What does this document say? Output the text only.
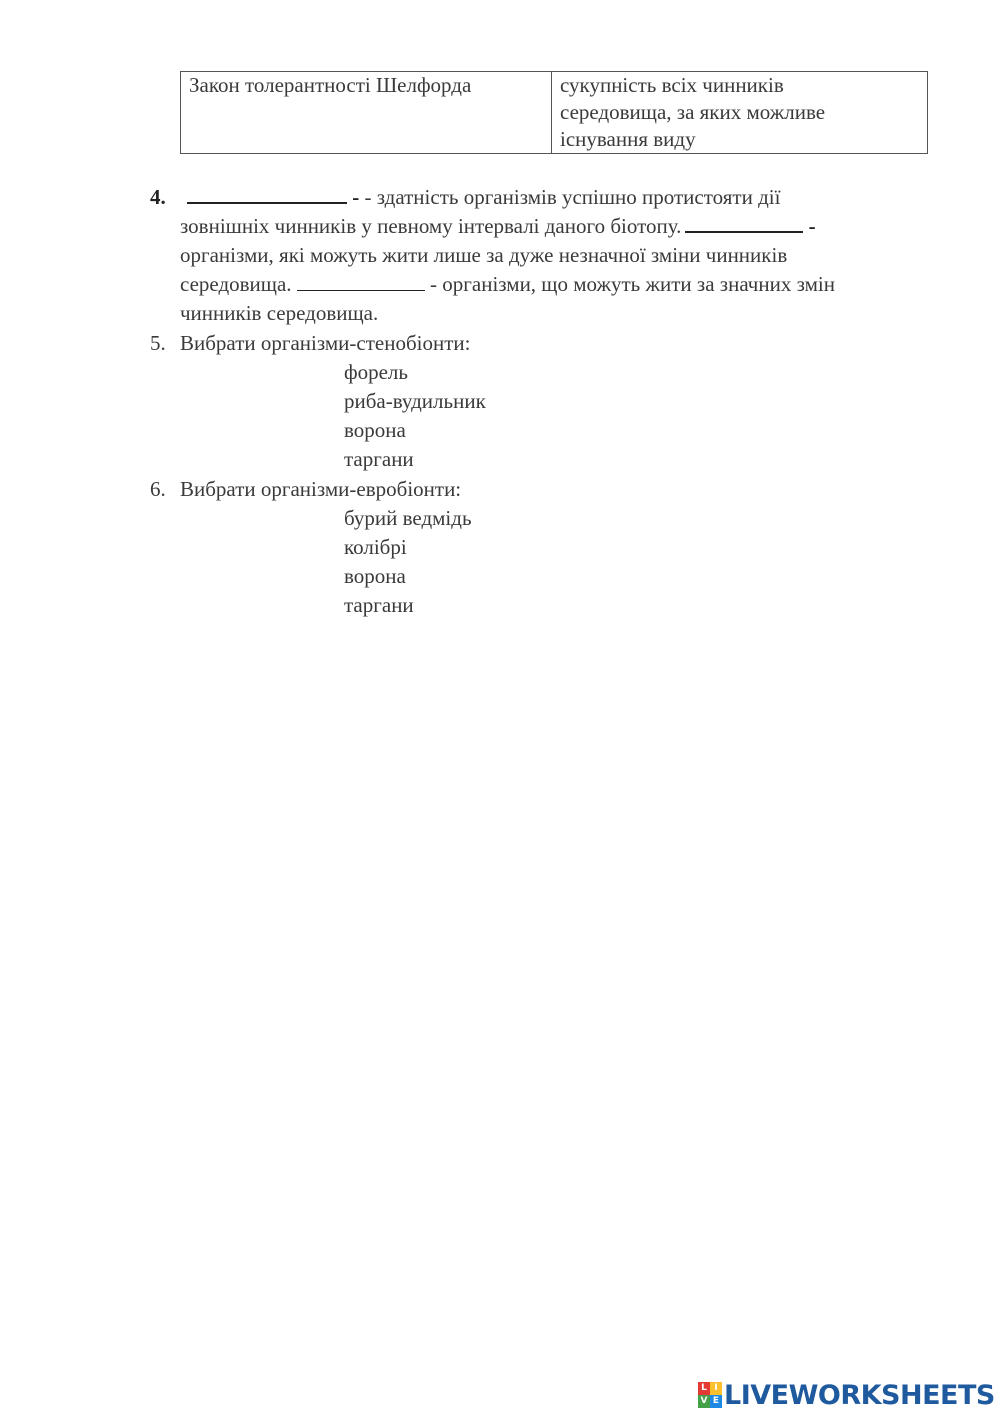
Закон толерантності Шелфорда	сукупність всіх чинників
середовища, за яких можливе
існування виду
4.	- - здатність організмів успішно протистояти дії
зовнішніх чинників у певному інтервалі даного біотопу.	-
організми, які можуть жити лише за дуже незначної зміни чинників
середовища.	- організми, що можуть жити за значних змін
чинників середовища.
5. Вибрати організми-стенобіонти:
форель
риба-вудильник
ворона
таргани
6. Вибрати організми-евробіонти:
бурий ведмідь
колібрі
ворона
таргани
L I
V E LIVEWORKSHEETS
